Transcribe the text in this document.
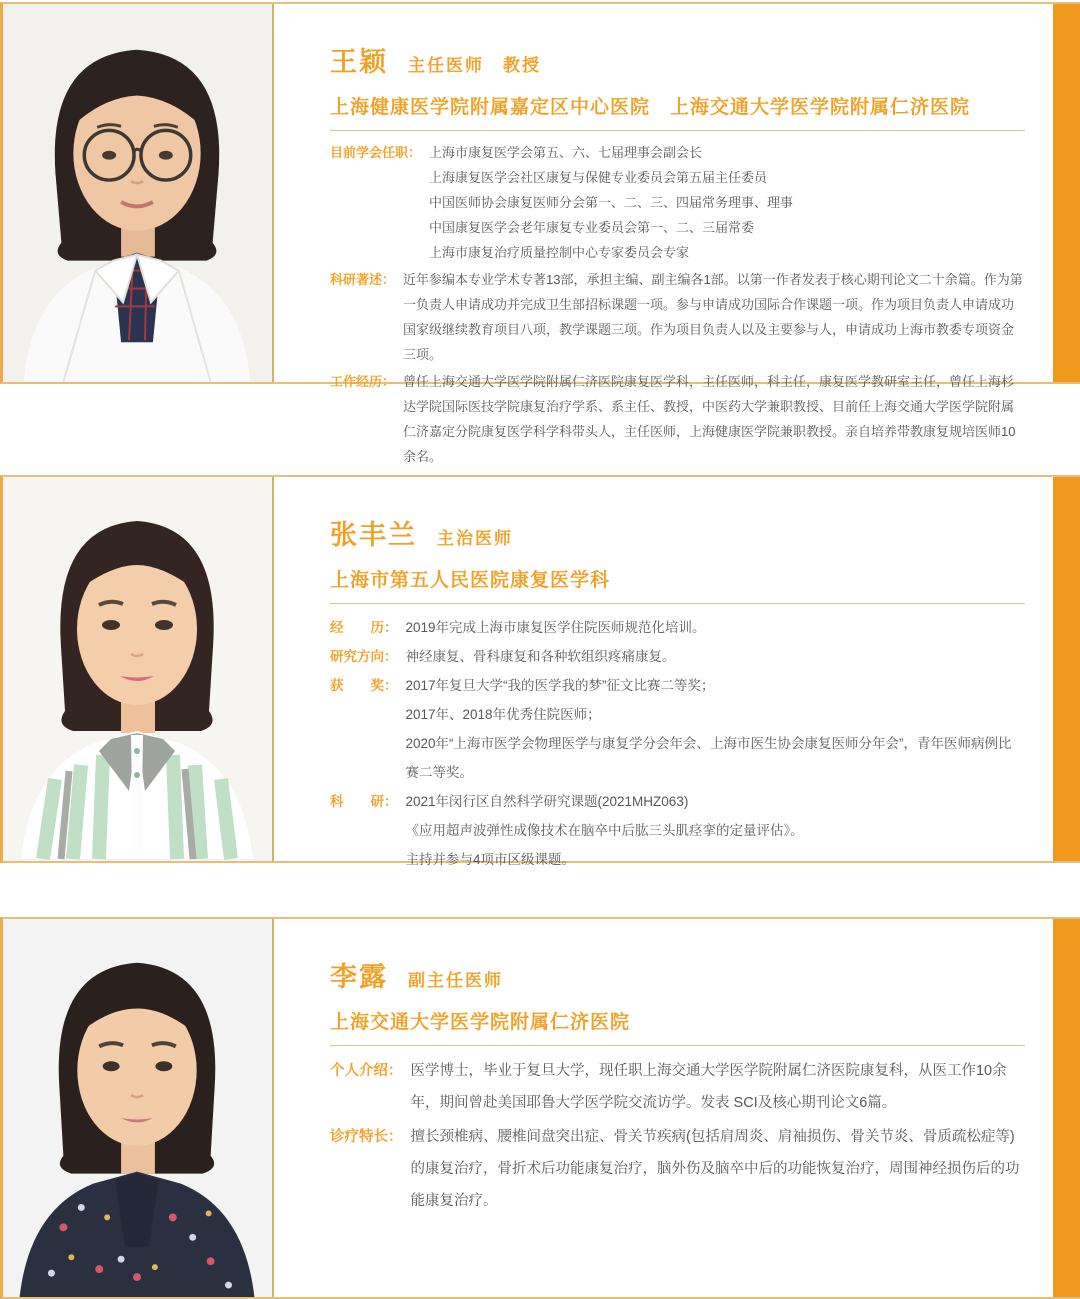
王颖 主任医师　教授
上海健康医学院附属嘉定区中心医院　上海交通大学医学院附属仁济医院
目前学会任职： 上海市康复医学会第五、六、七届理事会副会长
上海康复医学会社区康复与保健专业委员会第五届主任委员
中国医师协会康复医师分会第一、二、三、四届常务理事、理事
中国康复医学会老年康复专业委员会第一、二、三届常委
上海市康复治疗质量控制中心专家委员会专家
科研著述： 近年参编本专业学术专著13部，承担主编、副主编各1部。以第一作者发表于核心期刊论文二十余篇。作为第一负责人申请成功并完成卫生部招标课题一项。参与申请成功国际合作课题一项。作为项目负责人申请成功国家级继续教育项目八项，教学课题三项。作为项目负责人以及主要参与人，申请成功上海市教委专项资金三项。
工作经历： 曾任上海交通大学医学院附属仁济医院康复医学科，主任医师，科主任，康复医学教研室主任，曾任上海杉达学院国际医技学院康复治疗学系、系主任、教授，中医药大学兼职教授、目前任上海交通大学医学院附属仁济嘉定分院康复医学科学科带头人，主任医师，上海健康医学院兼职教授。亲自培养带教康复规培医师10余名。
张丰兰 主治医师
上海市第五人民医院康复医学科
经　　历： 2019年完成上海市康复医学住院医师规范化培训。
研究方向： 神经康复、骨科康复和各种软组织疼痛康复。
获　　奖： 2017年复旦大学“我的医学我的梦”征文比赛二等奖；
2017年、2018年优秀住院医师；
2020年“上海市医学会物理医学与康复学分会年会、上海市医生协会康复医师分年会”，青年医师病例比赛二等奖。
科　　研： 2021年闵行区自然科学研究课题(2021MHZ063)
《应用超声波弹性成像技术在脑卒中后肱三头肌痉挛的定量评估》。
主持并参与4项市区级课题。
李露 副主任医师
上海交通大学医学院附属仁济医院
个人介绍： 医学博士，毕业于复旦大学，现任职上海交通大学医学院附属仁济医院康复科，从医工作10余年，期间曾赴美国耶鲁大学医学院交流访学。发表 SCI及核心期刊论文6篇。
诊疗特长： 擅长颈椎病、腰椎间盘突出症、骨关节疾病(包括肩周炎、肩袖损伤、骨关节炎、骨质疏松症等)的康复治疗，骨折术后功能康复治疗，脑外伤及脑卒中后的功能恢复治疗，周围神经损伤后的功能康复治疗。
